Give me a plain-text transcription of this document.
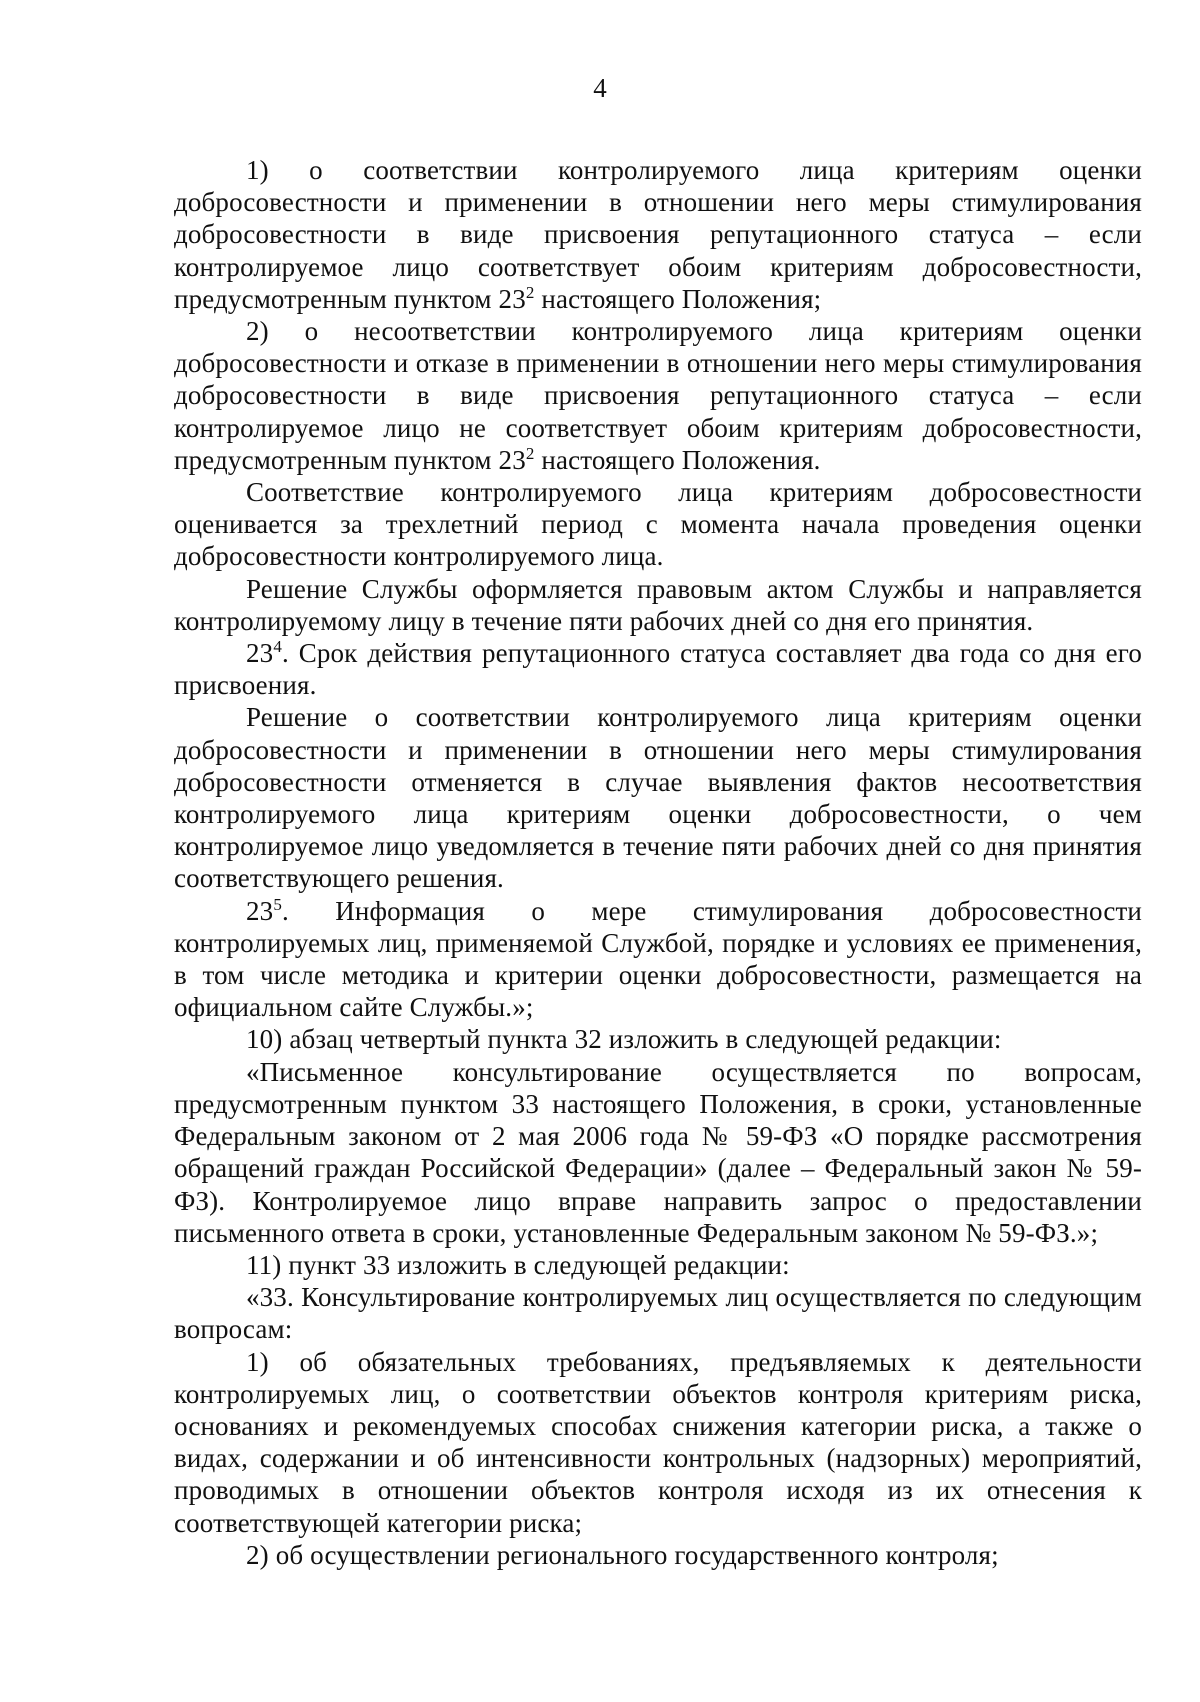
4

1) о соответствии контролируемого лица критериям оценки добросовестности и применении в отношении него меры стимулирования добросовестности в виде присвоения репутационного статуса – если контролируемое лицо соответствует обоим критериям добросовестности, предусмотренным пунктом $23^2$ настоящего Положения;

2) о несоответствии контролируемого лица критериям оценки добросовестности и отказе в применении в отношении него меры стимулирования добросовестности в виде присвоения репутационного статуса – если контролируемое лицо не соответствует обоим критериям добросовестности, предусмотренным пунктом $23^2$ настоящего Положения.

Соответствие контролируемого лица критериям добросовестности оценивается за трехлетний период с момента начала проведения оценки добросовестности контролируемого лица.

Решение Службы оформляется правовым актом Службы и направляется контролируемому лицу в течение пяти рабочих дней со дня его принятия.

$23^4$. Срок действия репутационного статуса составляет два года со дня его присвоения.

Решение о соответствии контролируемого лица критериям оценки добросовестности и применении в отношении него меры стимулирования добросовестности отменяется в случае выявления фактов несоответствия контролируемого лица критериям оценки добросовестности, о чем контролируемое лицо уведомляется в течение пяти рабочих дней со дня принятия соответствующего решения.

$23^5$. Информация о мере стимулирования добросовестности контролируемых лиц, применяемой Службой, порядке и условиях ее применения, в том числе методика и критерии оценки добросовестности, размещается на официальном сайте Службы.»;

10) абзац четвертый пункта 32 изложить в следующей редакции:

«Письменное консультирование осуществляется по вопросам, предусмотренным пунктом 33 настоящего Положения, в сроки, установленные Федеральным законом от 2 мая 2006 года № 59-ФЗ «О порядке рассмотрения обращений граждан Российской Федерации» (далее – Федеральный закон № 59-ФЗ). Контролируемое лицо вправе направить запрос о предоставлении письменного ответа в сроки, установленные Федеральным законом № 59-ФЗ.»;

11) пункт 33 изложить в следующей редакции:

«33. Консультирование контролируемых лиц осуществляется по следующим вопросам:

1) об обязательных требованиях, предъявляемых к деятельности контролируемых лиц, о соответствии объектов контроля критериям риска, основаниях и рекомендуемых способах снижения категории риска, а также о видах, содержании и об интенсивности контрольных (надзорных) мероприятий, проводимых в отношении объектов контроля исходя из их отнесения к соответствующей категории риска;

2) об осуществлении регионального государственного контроля;
